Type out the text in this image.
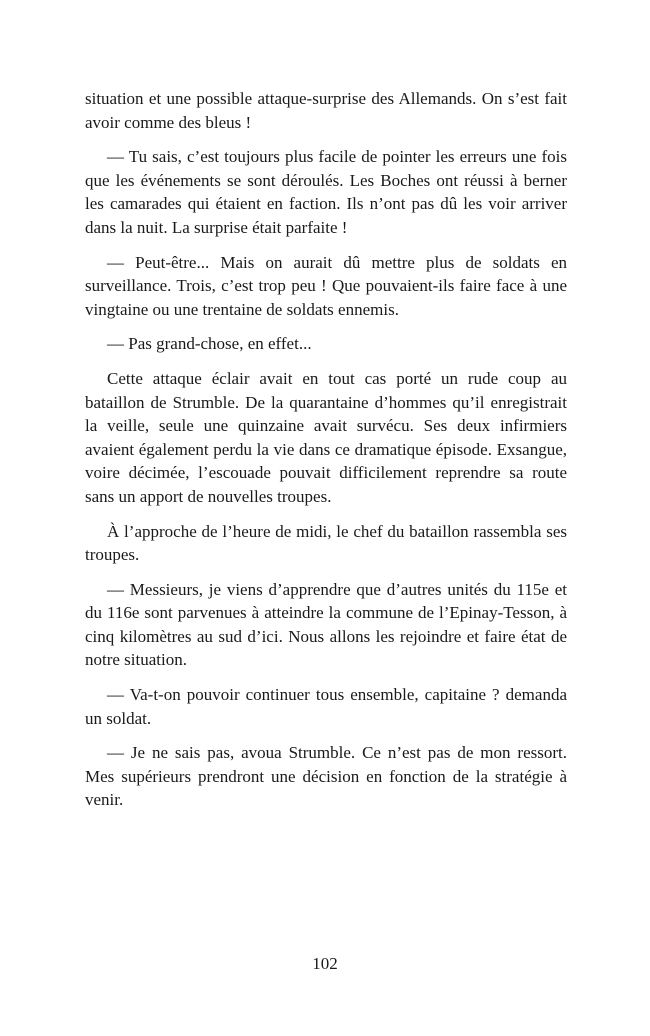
situation et une possible attaque-surprise des Allemands. On s’est fait avoir comme des bleus !

— Tu sais, c’est toujours plus facile de pointer les erreurs une fois que les événements se sont déroulés. Les Boches ont réussi à berner les camarades qui étaient en faction. Ils n’ont pas dû les voir arriver dans la nuit. La surprise était parfaite !

— Peut-être... Mais on aurait dû mettre plus de soldats en surveillance. Trois, c’est trop peu ! Que pouvaient-ils faire face à une vingtaine ou une trentaine de soldats ennemis.

— Pas grand-chose, en effet...

Cette attaque éclair avait en tout cas porté un rude coup au bataillon de Strumble. De la quarantaine d’hommes qu’il enregistrait la veille, seule une quinzaine avait survécu. Ses deux infirmiers avaient également perdu la vie dans ce dramatique épisode. Exsangue, voire décimée, l’escouade pouvait difficilement reprendre sa route sans un apport de nouvelles troupes.

À l’approche de l’heure de midi, le chef du bataillon rassembla ses troupes.

— Messieurs, je viens d’apprendre que d’autres unités du 115e et du 116e sont parvenues à atteindre la commune de l’Epinay-Tesson, à cinq kilomètres au sud d’ici. Nous allons les rejoindre et faire état de notre situation.

— Va-t-on pouvoir continuer tous ensemble, capitaine ? demanda un soldat.

— Je ne sais pas, avoua Strumble. Ce n’est pas de mon ressort. Mes supérieurs prendront une décision en fonction de la stratégie à venir.

102
